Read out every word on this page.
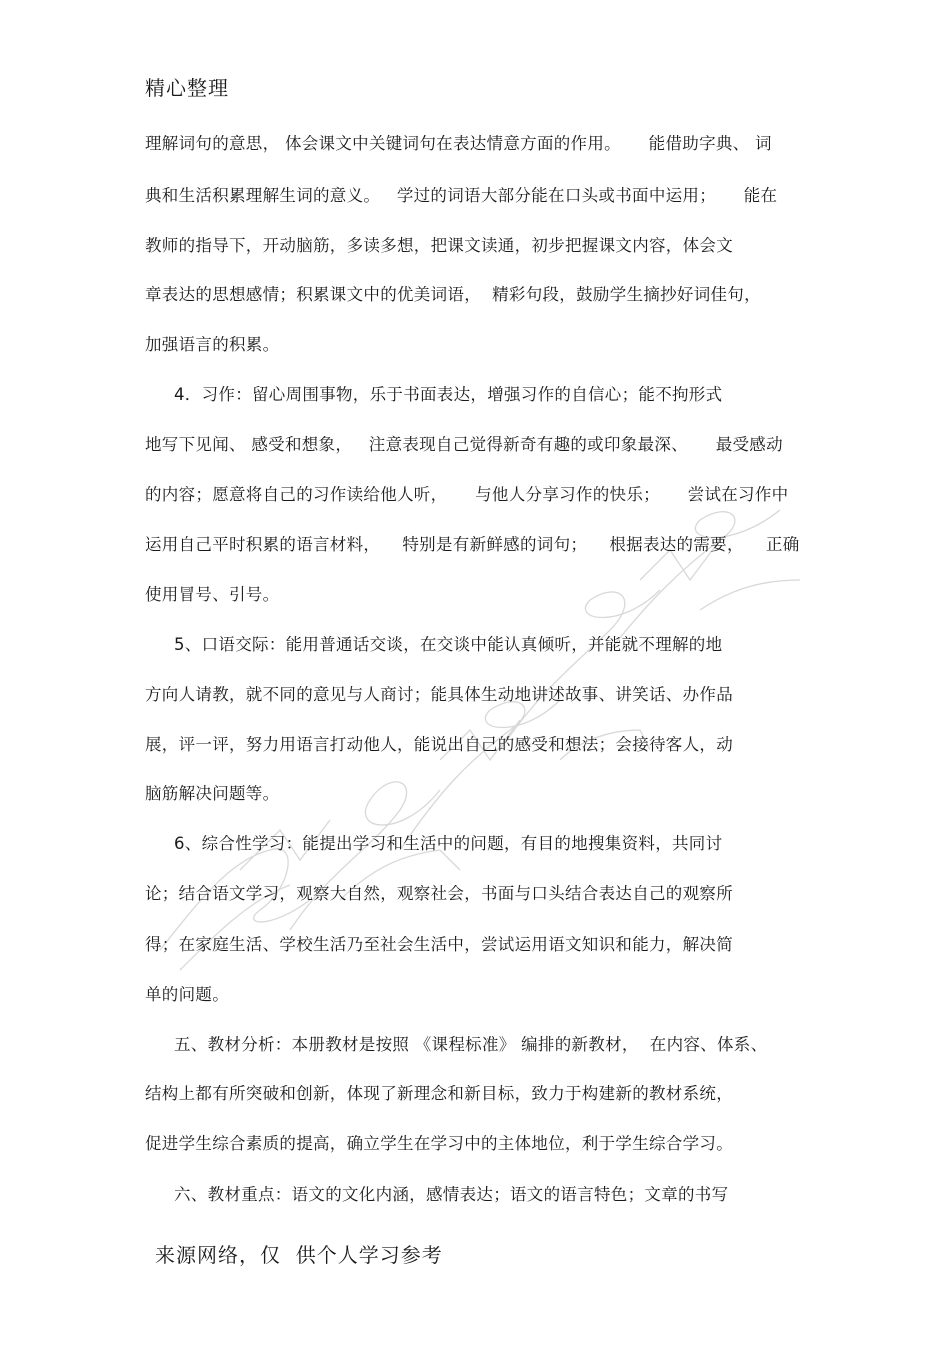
精心整理
理解词句的意思， 体会课文中关键词句在表达情意方面的作用。     能借助字典、 词
典和生活积累理解生词的意义。   学过的词语大部分能在口头或书面中运用；     能在
教师的指导下，开动脑筋，多读多想，把课文读通，初步把握课文内容，体会文
章表达的思想感情；积累课文中的优美词语，  精彩句段，鼓励学生摘抄好词佳句，
加强语言的积累。
4．习作：留心周围事物，乐于书面表达，增强习作的自信心；能不拘形式
地写下见闻、 感受和想象，   注意表现自己觉得新奇有趣的或印象最深、     最受感动
的内容；愿意将自己的习作读给他人听，     与他人分享习作的快乐；     尝试在习作中
运用自己平时积累的语言材料，    特别是有新鲜感的词句；    根据表达的需要，    正确
使用冒号、引号。
5、口语交际：能用普通话交谈，在交谈中能认真倾听，并能就不理解的地
方向人请教，就不同的意见与人商讨；能具体生动地讲述故事、讲笑话、办作品
展，评一评，努力用语言打动他人，能说出自己的感受和想法；会接待客人，动
脑筋解决问题等。
6、综合性学习：能提出学习和生活中的问题，有目的地搜集资料，共同讨
论；结合语文学习，观察大自然，观察社会，书面与口头结合表达自己的观察所
得；在家庭生活、学校生活乃至社会生活中，尝试运用语文知识和能力，解决简
单的问题。
五、教材分析：本册教材是按照 《课程标准》 编排的新教材，  在内容、体系、
结构上都有所突破和创新，体现了新理念和新目标，致力于构建新的教材系统，
促进学生综合素质的提高，确立学生在学习中的主体地位，利于学生综合学习。
六、教材重点：语文的文化内涵，感情表达；语文的语言特色；文章的书写
来源网络，仅  供个人学习参考
